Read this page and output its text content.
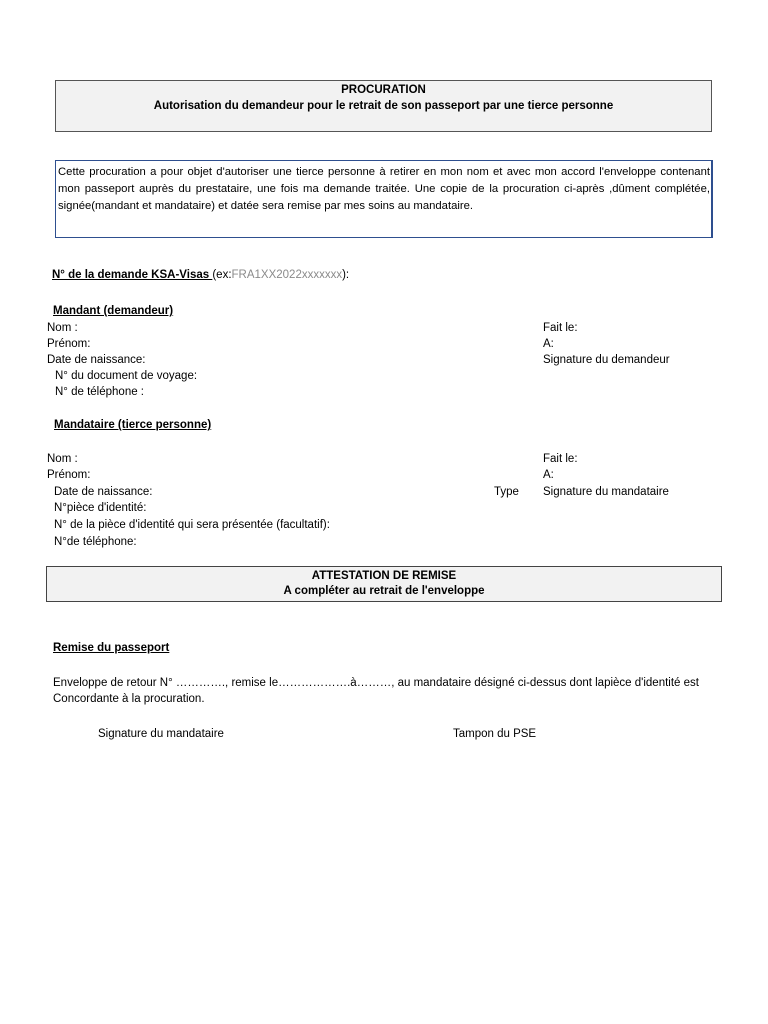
PROCURATION
Autorisation du demandeur pour le retrait de son passeport par une tierce personne
Cette procuration a pour objet d'autoriser une tierce personne à retirer en mon nom et avec mon accord l'enveloppe contenant mon passeport auprès du prestataire, une fois ma demande traitée. Une copie de la procuration ci-après ,dûment complétée, signée(mandant et mandataire) et datée sera remise par mes soins au mandataire.
N° de la demande KSA-Visas (ex:FRA1XX2022xxxxxxx):
Mandant (demandeur)
Nom :
Prénom:
Date de naissance:
N° du document de voyage:
N° de téléphone :
Fait le:
A:
Signature du demandeur
Mandataire (tierce personne)
Nom :
Prénom:
Date de naissance:
N°pièce d'identité:
N° de la pièce d'identité qui sera présentée (facultatif):
N°de téléphone:
Type
Fait le:
A:
Signature du mandataire
ATTESTATION DE REMISE
A compléter au retrait de l'enveloppe
Remise du passeport
Enveloppe de retour N° …………., remise le……………….à………, au mandataire désigné ci-dessus dont lapièce d'identité est
Concordante à la procuration.
Signature du mandataire	Tampon du PSE
